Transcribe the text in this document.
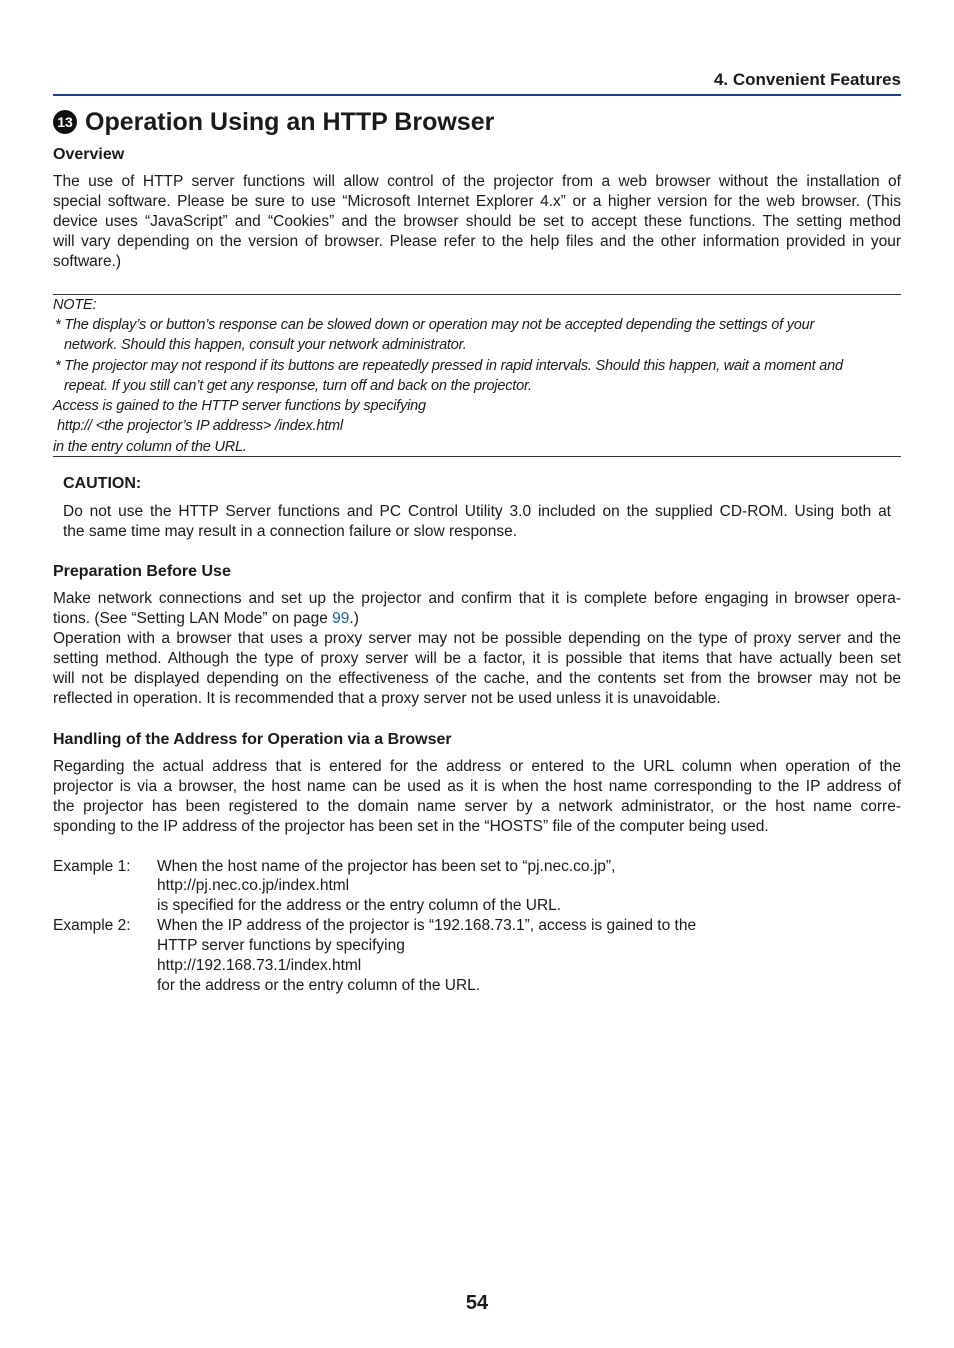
4. Convenient Features
13 Operation Using an HTTP Browser
Overview
The use of HTTP server functions will allow control of the projector from a web browser without the installation of
special software. Please be sure to use “Microsoft Internet Explorer 4.x” or a higher version for the web browser. (This
device uses “JavaScript” and “Cookies” and the browser should be set to accept these functions. The setting method
will vary depending on the version of browser. Please refer to the help files and the other information provided in your
software.)
NOTE:
* The display’s or button’s response can be slowed down or operation may not be accepted depending the settings of your
network. Should this happen, consult your network administrator.
* The projector may not respond if its buttons are repeatedly pressed in rapid intervals. Should this happen, wait a moment and
repeat. If you still can’t get any response, turn off and back on the projector.
Access is gained to the HTTP server functions by specifying
http:// <the projector’s IP address> /index.html
in the entry column of the URL.
CAUTION:
Do not use the HTTP Server functions and PC Control Utility 3.0 included on the supplied CD-ROM. Using both at
the same time may result in a connection failure or slow response.
Preparation Before Use
Make network connections and set up the projector and confirm that it is complete before engaging in browser opera-
tions. (See “Setting LAN Mode” on page 99.)
Operation with a browser that uses a proxy server may not be possible depending on the type of proxy server and the
setting method. Although the type of proxy server will be a factor, it is possible that items that have actually been set
will not be displayed depending on the effectiveness of the cache, and the contents set from the browser may not be
reflected in operation. It is recommended that a proxy server not be used unless it is unavoidable.
Handling of the Address for Operation via a Browser
Regarding the actual address that is entered for the address or entered to the URL column when operation of the
projector is via a browser, the host name can be used as it is when the host name corresponding to the IP address of
the projector has been registered to the domain name server by a network administrator, or the host name corre-
sponding to the IP address of the projector has been set in the “HOSTS” file of the computer being used.
Example 1: When the host name of the projector has been set to “pj.nec.co.jp”,
http://pj.nec.co.jp/index.html
is specified for the address or the entry column of the URL.
Example 2: When the IP address of the projector is “192.168.73.1”, access is gained to the
HTTP server functions by specifying
http://192.168.73.1/index.html
for the address or the entry column of the URL.
54
